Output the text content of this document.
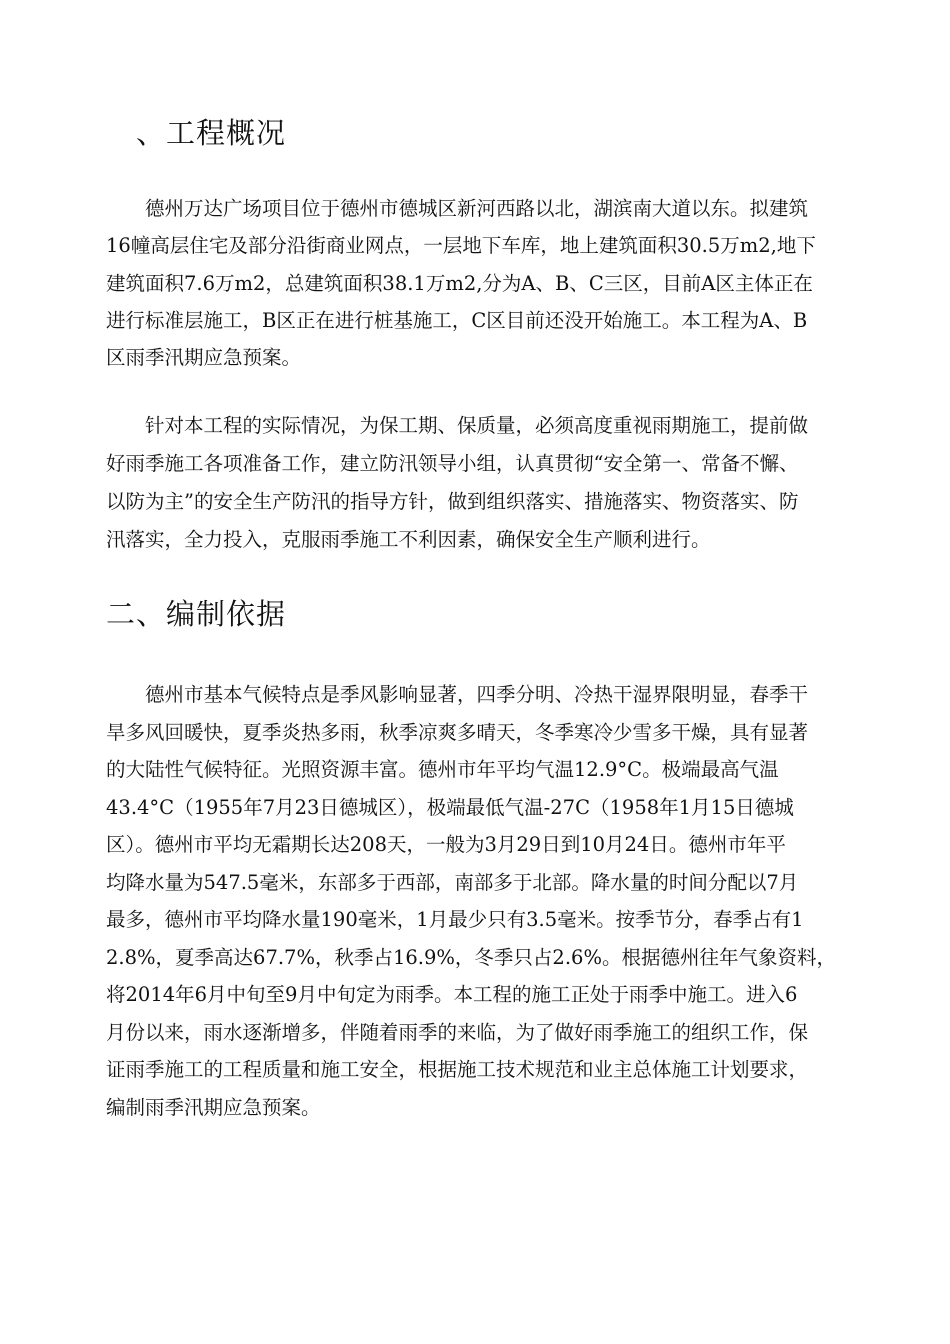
、工程概况

　　德州万达广场项目位于德州市德城区新河西路以北，湖滨南大道以东。拟建筑

16幢高层住宅及部分沿街商业网点，一层地下车库，地上建筑面积30.5万m2,地下

建筑面积7.6万m2，总建筑面积38.1万m2,分为A、B、C三区，目前A区主体正在

进行标准层施工，B区正在进行桩基施工，C区目前还没开始施工。本工程为A、B

区雨季汛期应急预案。

　　针对本工程的实际情况，为保工期、保质量，必须高度重视雨期施工，提前做

好雨季施工各项准备工作，建立防汛领导小组，认真贯彻“安全第一、常备不懈、

以防为主”的安全生产防汛的指导方针，做到组织落实、措施落实、物资落实、防

汛落实，全力投入，克服雨季施工不利因素，确保安全生产顺利进行。

二、编制依据

　　德州市基本气候特点是季风影响显著，四季分明、冷热干湿界限明显，春季干

旱多风回暖快，夏季炎热多雨，秋季凉爽多晴天，冬季寒冷少雪多干燥，具有显著

的大陆性气候特征。光照资源丰富。德州市年平均气温12.9°C。极端最高气温

43.4°C（1955年7月23日德城区），极端最低气温-27C（1958年1月15日德城

区）。德州市平均无霜期长达208天，一般为3月29日到10月24日。德州市年平

均降水量为547.5毫米，东部多于西部，南部多于北部。降水量的时间分配以7月

最多，德州市平均降水量190毫米，1月最少只有3.5毫米。按季节分，春季占有1

2.8%，夏季高达67.7%，秋季占16.9%，冬季只占2.6%。根据德州往年气象资料，

将2014年6月中旬至9月中旬定为雨季。本工程的施工正处于雨季中施工。进入6

月份以来，雨水逐渐增多，伴随着雨季的来临，为了做好雨季施工的组织工作，保

证雨季施工的工程质量和施工安全，根据施工技术规范和业主总体施工计划要求，

编制雨季汛期应急预案。
